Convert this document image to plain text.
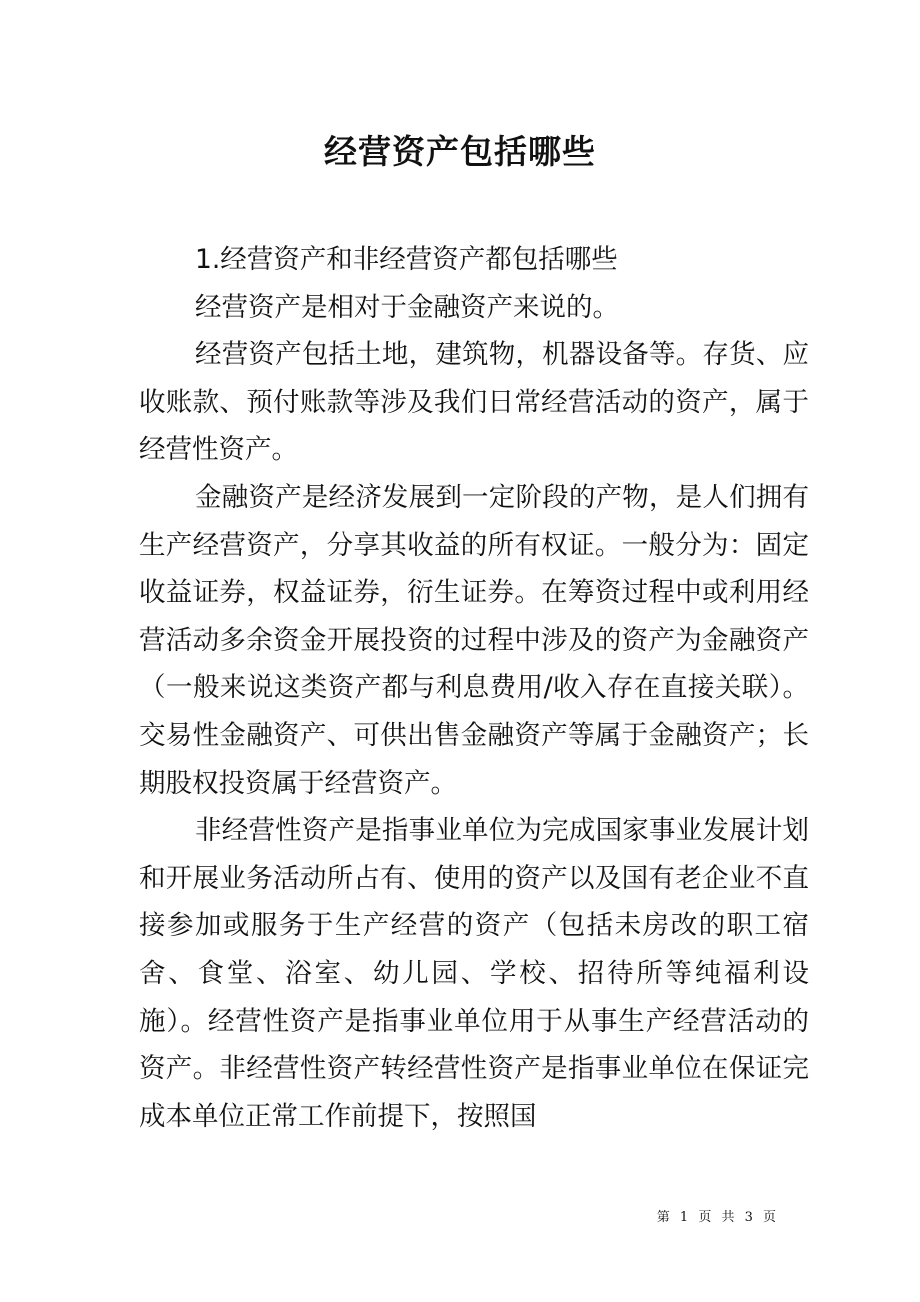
经营资产包括哪些

1.经营资产和非经营资产都包括哪些

经营资产是相对于金融资产来说的。

经营资产包括土地，建筑物，机器设备等。存货、应收账款、预付账款等涉及我们日常经营活动的资产，属于经营性资产。

金融资产是经济发展到一定阶段的产物，是人们拥有生产经营资产，分享其收益的所有权证。一般分为：固定收益证券，权益证券，衍生证券。在筹资过程中或利用经营活动多余资金开展投资的过程中涉及的资产为金融资产（一般来说这类资产都与利息费用/收入存在直接关联）。交易性金融资产、可供出售金融资产等属于金融资产；长期股权投资属于经营资产。

非经营性资产是指事业单位为完成国家事业发展计划和开展业务活动所占有、使用的资产以及国有老企业不直接参加或服务于生产经营的资产（包括未房改的职工宿舍、食堂、浴室、幼儿园、学校、招待所等纯福利设施）。经营性资产是指事业单位用于从事生产经营活动的资产。非经营性资产转经营性资产是指事业单位在保证完成本单位正常工作前提下，按照国

第 1 页 共 3 页
